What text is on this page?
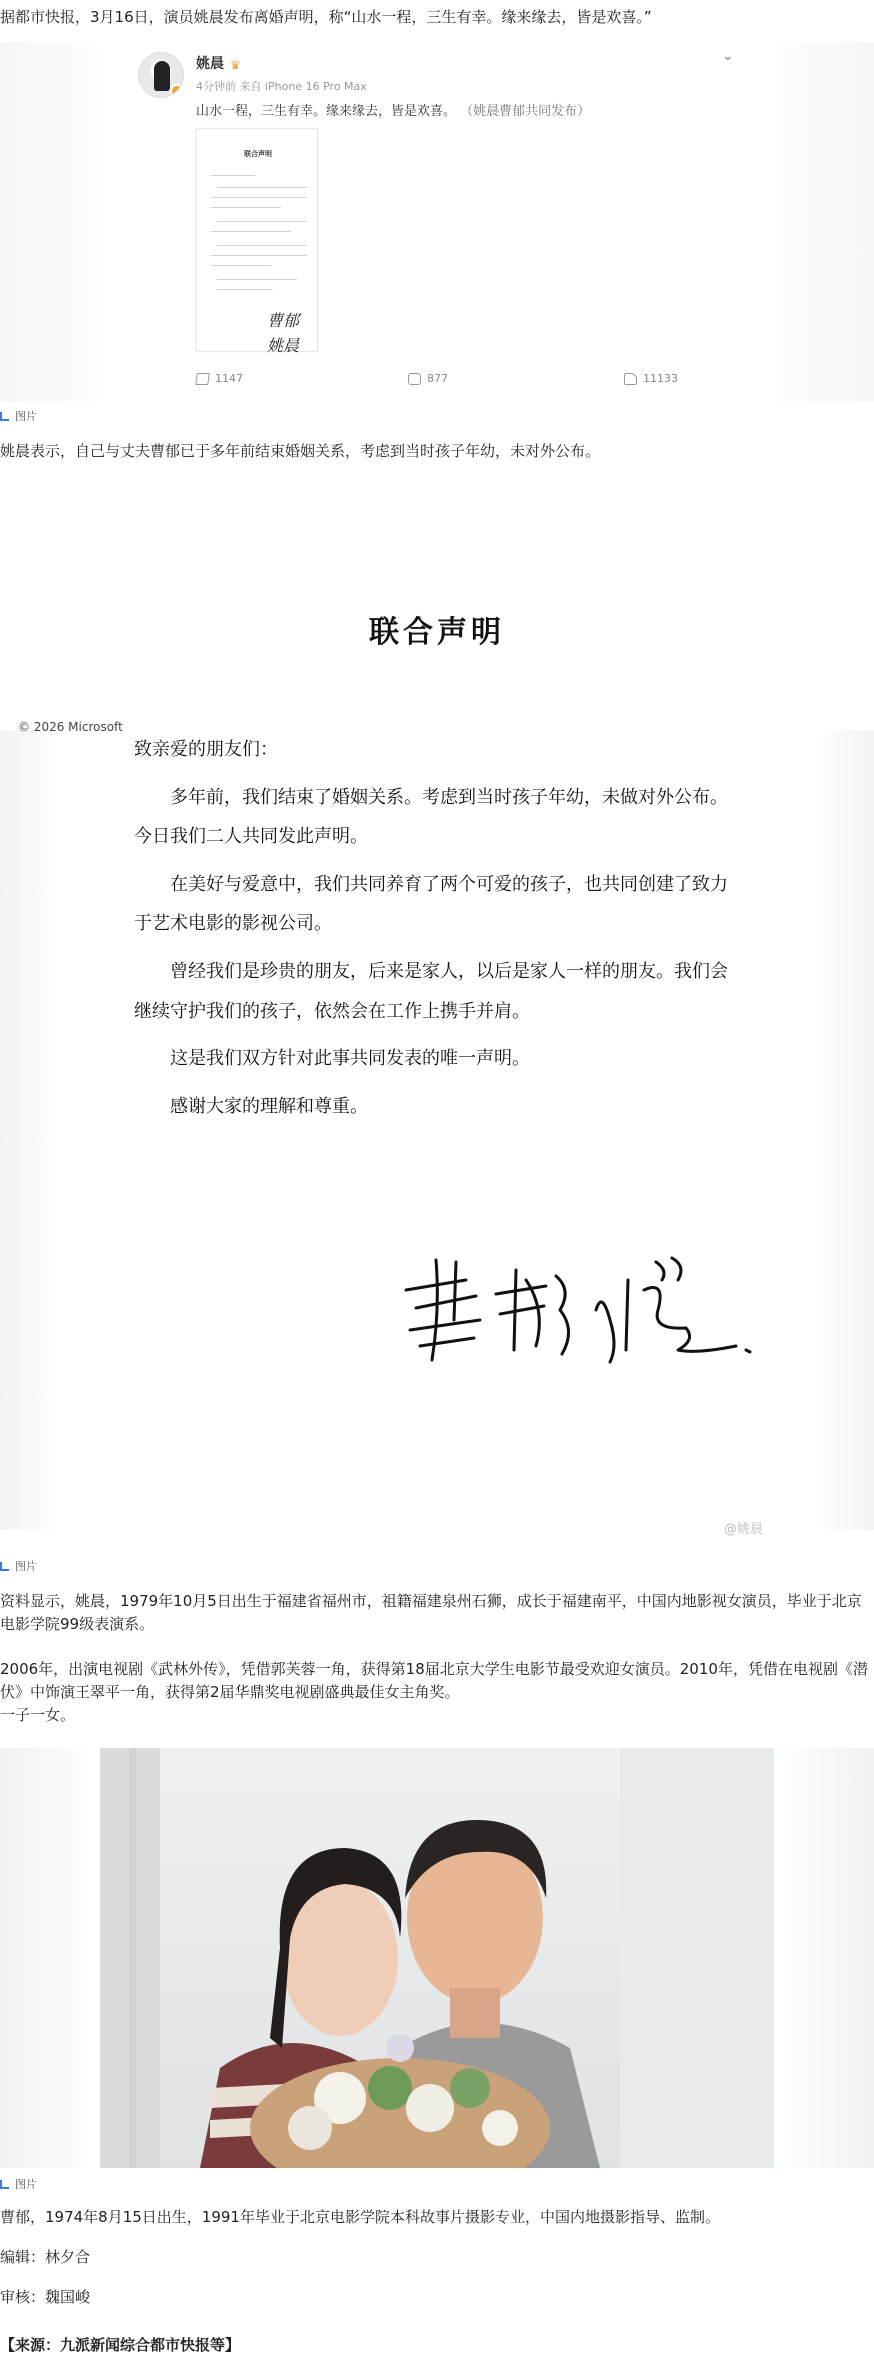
据都市快报，3月16日，演员姚晨发布离婚声明，称“山水一程，三生有幸。缘来缘去，皆是欢喜。”

姚晨 ♛
4分钟前 来自 iPhone 16 Pro Max
⌄
山水一程，三生有幸。缘来缘去，皆是欢喜。 （姚晨曹郁共同发布）
联合声明
曹郁 姚晨
1147	877	11133
图片

姚晨表示，自己与丈夫曹郁已于多年前结束婚姻关系，考虑到当时孩子年幼，未对外公布。

联合声明
© 2026 Microsoft

致亲爱的朋友们：

多年前，我们结束了婚姻关系。考虑到当时孩子年幼，未做对外公布。今日我们二人共同发此声明。

在美好与爱意中，我们共同养育了两个可爱的孩子，也共同创建了致力于艺术电影的影视公司。

曾经我们是珍贵的朋友，后来是家人，以后是家人一样的朋友。我们会继续守护我们的孩子，依然会在工作上携手并肩。

这是我们双方针对此事共同发表的唯一声明。

感谢大家的理解和尊重。

@姚晨
图片

资料显示，姚晨，1979年10月5日出生于福建省福州市，祖籍福建泉州石狮，成长于福建南平，中国内地影视女演员，毕业于北京电影学院99级表演系。

2006年，出演电视剧《武林外传》，凭借郭芙蓉一角，获得第18届北京大学生电影节最受欢迎女演员。2010年，凭借在电视剧《潜伏》中饰演王翠平一角，获得第2届华鼎奖电视剧盛典最佳女主角奖。

一子一女。

图片

曹郁，1974年8月15日出生，1991年毕业于北京电影学院本科故事片摄影专业，中国内地摄影指导、监制。

编辑：林夕合

审核：魏国峻

【来源：九派新闻综合都市快报等】
